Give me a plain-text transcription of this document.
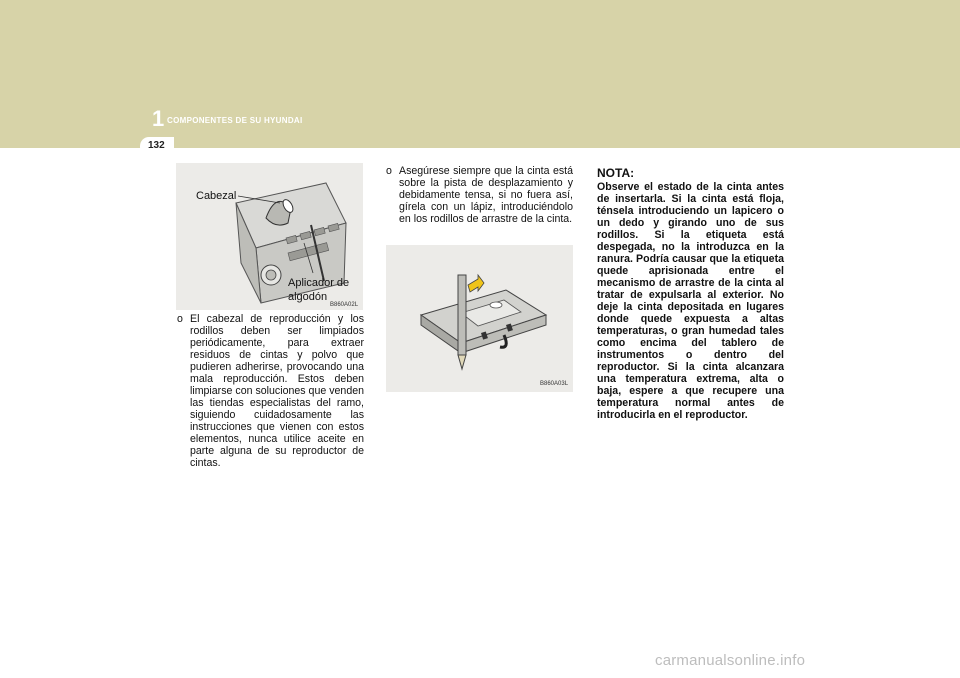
1 COMPONENTES DE SU HYUNDAI
132
Cabezal
Aplicador de
algodón
B860A02L
o El cabezal de reproducción y los rodillos deben ser limpiados periódicamente, para extraer residuos de cintas y polvo que pudieren adherirse, provocando una mala reproducción. Estos deben limpiarse con soluciones que venden las tiendas especialistas del ramo, siguiendo cuidadosamente las instrucciones que vienen con estos elementos, nunca utilice aceite en parte alguna de su reproductor de cintas.
o Asegúrese siempre que la cinta está sobre la pista de desplazamiento y debidamente tensa, si no fuera así, gírela con un lápiz, introduciéndolo en los rodillos de arrastre de la cinta.
B860A03L
NOTA:
Observe el estado de la cinta antes de insertarla. Si la cinta está floja, ténsela introduciendo un lapicero o un dedo y girando uno de sus rodillos. Si la etiqueta está despegada, no la introduzca en la ranura. Podría causar que la etiqueta quede aprisionada entre el mecanismo de arrastre de la cinta al tratar de expulsarla al exterior. No deje la cinta depositada en lugares donde quede expuesta a altas temperaturas, o gran humedad tales como encima del tablero de instrumentos o dentro del reproductor. Si la cinta alcanzara una temperatura extrema, alta o baja, espere a que recupere una temperatura normal antes de introducirla en el reproductor.
carmanualsonline.info
